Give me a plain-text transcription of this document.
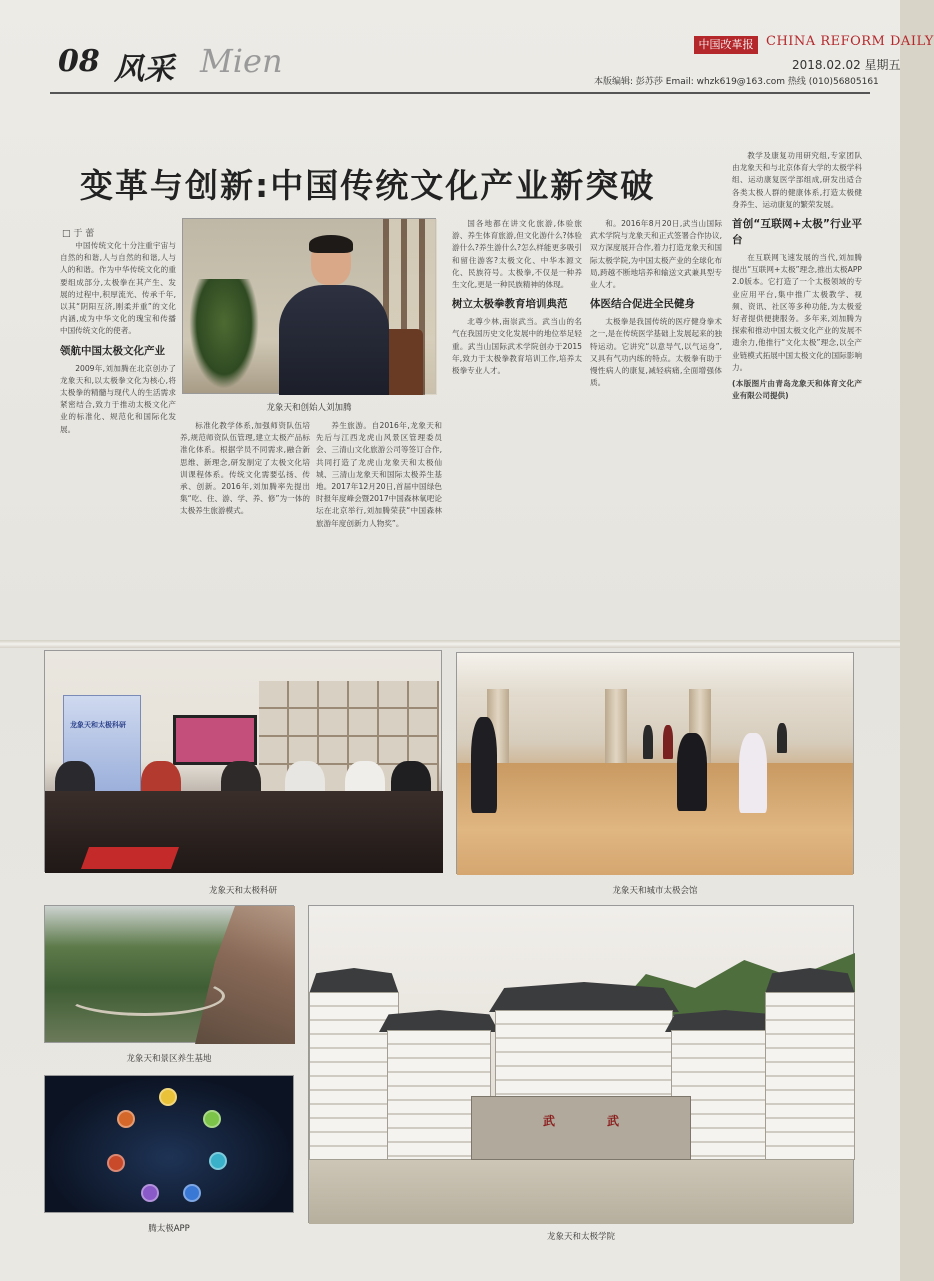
08 风采 Mien	中国改革报 CHINA REFORM DAILY
2018.02.02 星期五
本版编辑: 彭苏莎 Email: whzk619@163.com 热线 (010)56805161
变革与创新:中国传统文化产业新突破
□ 于 蕾

中国传统文化十分注重宇宙与自然的和谐,人与自然的和谐,人与人的和谐。作为中华传统文化的重要组成部分,太极拳在其产生、发展的过程中,积厚流光、传承千年,以其“阴阳互济,刚柔并重”的文化内涵,成为中华文化的瑰宝和传播中国传统文化的使者。

领航中国太极文化产业

2009年,刘加腾在北京创办了龙象天和,以太极拳文化为核心,将太极拳的精髓与现代人的生活需求紧密结合,致力于推动太极文化产业的标准化、规范化和国际化发展。

龙象天和创始人刘加腾

标准化教学体系,加强师资队伍培养,规范师资队伍管理,建立太极产品标准化体系。根据学员不同需求,融合新思维、新理念,研发制定了太极文化培训课程体系。传统文化需要弘扬、传承、创新。2016年,刘加腾率先提出集“吃、住、游、学、养、修”为一体的太极养生旅游模式。

养生旅游。自2016年,龙象天和先后与江西龙虎山风景区管理委员会、三清山文化旅游公司等签订合作,共同打造了龙虎山龙象天和太极仙城、三清山龙象天和国际太极养生基地。2017年12月20日,首届中国绿色时报年度峰会暨2017中国森林氧吧论坛在北京举行,刘加腾荣获“中国森林旅游年度创新力人物奖”。

国各地都在讲文化旅游,体验旅游、养生体育旅游,但文化游什么?体验游什么?养生游什么?怎么样能更多吸引和留住游客?太极文化、中华本源文化、民族符号。太极拳,不仅是一种养生文化,更是一种民族精神的体现。

树立太极拳教育培训典范

北尊少林,南崇武当。武当山的名气在我国历史文化发展中的地位举足轻重。武当山国际武术学院创办于2015年,致力于太极拳教育培训工作,培养太极拳专业人才。

和。2016年8月20日,武当山国际武术学院与龙象天和正式签署合作协议,双方深度展开合作,着力打造龙象天和国际太极学院,为中国太极产业的全球化布局,跨越不断地培养和输送文武兼具型专业人才。

体医结合促进全民健身

太极拳是我国传统的医疗健身拳术之一,是在传统医学基础上发展起来的独特运动。它讲究“以意导气,以气运身”,又具有气功内练的特点。太极拳有助于慢性病人的康复,减轻病痛,全面增强体质。

教学及康复功用研究组,专家团队由龙象天和与北京体育大学的太极学科组、运动康复医学部组成,研发出适合各类太极人群的健康体系,打造太极健身养生、运动康复的繁荣发展。

首创“互联网+太极”行业平台

在互联网飞速发展的当代,刘加腾提出“互联网+太极”理念,推出太极APP 2.0版本。它打造了一个太极领域的专业应用平台,集中推广太极教学、视频、资讯、社区等多种功能,为太极爱好者提供便捷服务。多年来,刘加腾为探索和推动中国太极文化产业的发展不遗余力,他推行“文化太极”理念,以全产业链模式拓展中国太极文化的国际影响力。

(本版图片由青岛龙象天和体育文化产业有限公司提供)

龙象天和太极科研
龙象天和太极科研	龙象天和城市太极会馆
龙象天和景区养生基地
腾太极APP
武	武
龙象天和太极学院
